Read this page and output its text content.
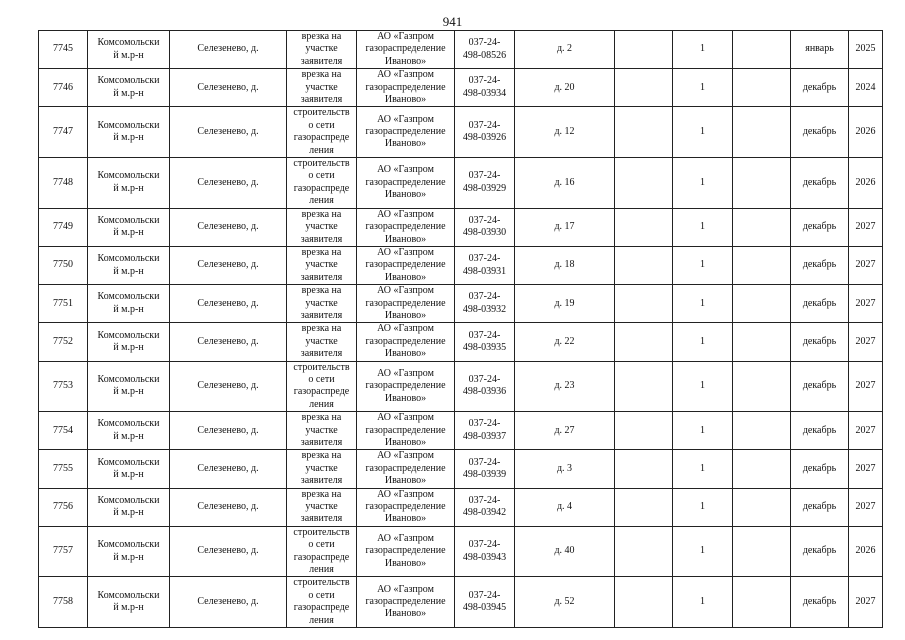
941
7745	Комсомольски
й м.р-н	Селезенево, д.	врезка на
участке
заявителя	АО «Газпром
газораспределение
Иваново»	037-24-
498-08526	д. 2		1		январь	2025
7746	Комсомольски
й м.р-н	Селезенево, д.	врезка на
участке
заявителя	АО «Газпром
газораспределение
Иваново»	037-24-
498-03934	д. 20		1		декабрь	2024
7747	Комсомольски
й м.р-н	Селезенево, д.	строительств
о сети
газораспреде
ления	АО «Газпром
газораспределение
Иваново»	037-24-
498-03926	д. 12		1		декабрь	2026
7748	Комсомольски
й м.р-н	Селезенево, д.	строительств
о сети
газораспреде
ления	АО «Газпром
газораспределение
Иваново»	037-24-
498-03929	д. 16		1		декабрь	2026
7749	Комсомольски
й м.р-н	Селезенево, д.	врезка на
участке
заявителя	АО «Газпром
газораспределение
Иваново»	037-24-
498-03930	д. 17		1		декабрь	2027
7750	Комсомольски
й м.р-н	Селезенево, д.	врезка на
участке
заявителя	АО «Газпром
газораспределение
Иваново»	037-24-
498-03931	д. 18		1		декабрь	2027
7751	Комсомольски
й м.р-н	Селезенево, д.	врезка на
участке
заявителя	АО «Газпром
газораспределение
Иваново»	037-24-
498-03932	д. 19		1		декабрь	2027
7752	Комсомольски
й м.р-н	Селезенево, д.	врезка на
участке
заявителя	АО «Газпром
газораспределение
Иваново»	037-24-
498-03935	д. 22		1		декабрь	2027
7753	Комсомольски
й м.р-н	Селезенево, д.	строительств
о сети
газораспреде
ления	АО «Газпром
газораспределение
Иваново»	037-24-
498-03936	д. 23		1		декабрь	2027
7754	Комсомольски
й м.р-н	Селезенево, д.	врезка на
участке
заявителя	АО «Газпром
газораспределение
Иваново»	037-24-
498-03937	д. 27		1		декабрь	2027
7755	Комсомольски
й м.р-н	Селезенево, д.	врезка на
участке
заявителя	АО «Газпром
газораспределение
Иваново»	037-24-
498-03939	д. 3		1		декабрь	2027
7756	Комсомольски
й м.р-н	Селезенево, д.	врезка на
участке
заявителя	АО «Газпром
газораспределение
Иваново»	037-24-
498-03942	д. 4		1		декабрь	2027
7757	Комсомольски
й м.р-н	Селезенево, д.	строительств
о сети
газораспреде
ления	АО «Газпром
газораспределение
Иваново»	037-24-
498-03943	д. 40		1		декабрь	2026
7758	Комсомольски
й м.р-н	Селезенево, д.	строительств
о сети
газораспреде
ления	АО «Газпром
газораспределение
Иваново»	037-24-
498-03945	д. 52		1		декабрь	2027
